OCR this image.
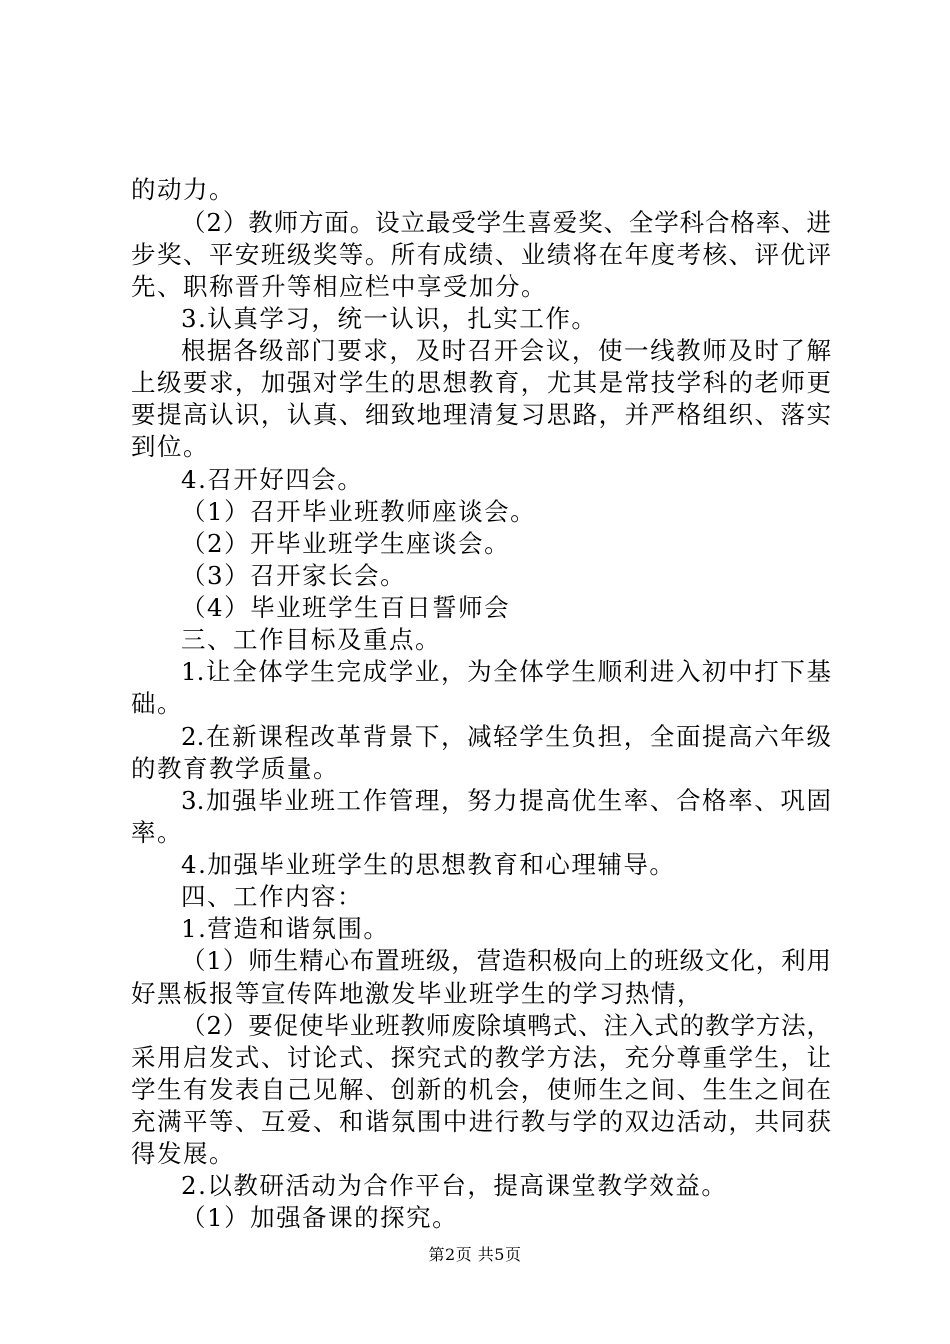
的动力。
（2）教师方面。设立最受学生喜爱奖、全学科合格率、进
步奖、平安班级奖等。所有成绩、业绩将在年度考核、评优评
先、职称晋升等相应栏中享受加分。
3.认真学习，统一认识，扎实工作。
根据各级部门要求，及时召开会议，使一线教师及时了解
上级要求，加强对学生的思想教育，尤其是常技学科的老师更
要提高认识，认真、细致地理清复习思路，并严格组织、落实
到位。
4.召开好四会。
（1）召开毕业班教师座谈会。
（2）开毕业班学生座谈会。
（3）召开家长会。
（4）毕业班学生百日誓师会
三、工作目标及重点。
1.让全体学生完成学业，为全体学生顺利进入初中打下基
础。
2.在新课程改革背景下，减轻学生负担，全面提高六年级
的教育教学质量。
3.加强毕业班工作管理，努力提高优生率、合格率、巩固
率。
4.加强毕业班学生的思想教育和心理辅导。
四、工作内容：
1.营造和谐氛围。
（1）师生精心布置班级，营造积极向上的班级文化，利用
好黑板报等宣传阵地激发毕业班学生的学习热情，
（2）要促使毕业班教师废除填鸭式、注入式的教学方法，
采用启发式、讨论式、探究式的教学方法，充分尊重学生，让
学生有发表自己见解、创新的机会，使师生之间、生生之间在
充满平等、互爱、和谐氛围中进行教与学的双边活动，共同获
得发展。
2.以教研活动为合作平台，提高课堂教学效益。
（1）加强备课的探究。
第2页 共5页
